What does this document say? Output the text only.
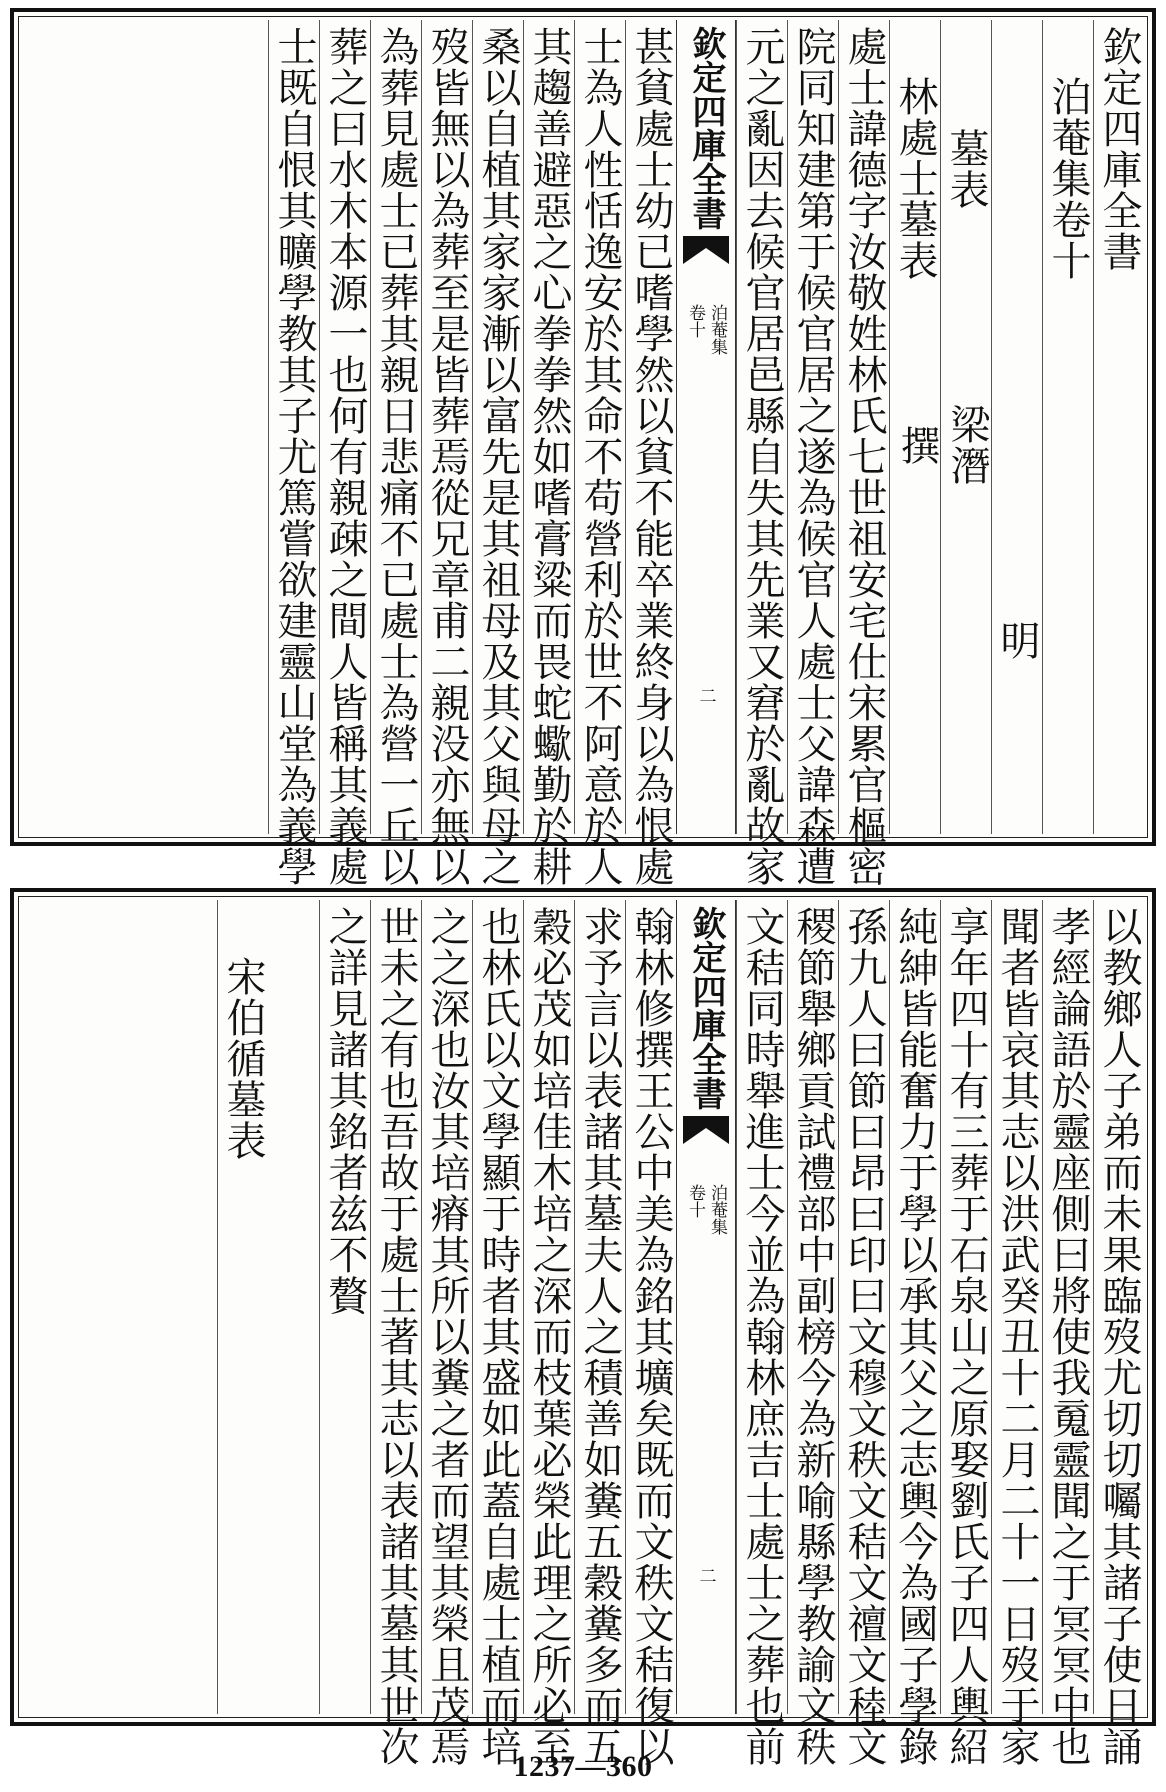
欽定四庫全書
泊菴集卷十
明
梁潛
撰
墓表
林處士墓表
處士諱德字汝敬姓林氏七世祖安宅仕宋累官樞密
院同知建第于候官居之遂為候官人處士父諱森遭
元之亂因去候官居邑縣自失其先業又窘於亂故家
欽定四庫全書
泊菴集
卷十
二
甚貧處士幼已嗜學然以貧不能卒業終身以為恨處
士為人性恬逸安於其命不苟營利於世不阿意於人
其趨善避惡之心拳拳然如嗜膏粱而畏蛇蠍勤於耕
桑以自植其家家漸以富先是其祖母及其父與母之
歿皆無以為葬至是皆葬焉從兄章甫二親没亦無以
為葬見處士已葬其親日悲痛不已處士為營一丘以
葬之曰水木本源一也何有親疎之間人皆稱其義處
士既自恨其曠學教其子尤篤嘗欲建靈山堂為義學
以教鄉人子弟而未果臨歿尤切切囑其諸子使日誦
孝經論語於靈座側曰將使我䰟靈聞之于冥冥中也
聞者皆哀其志以洪武癸丑十二月二十一日歿于家
享年四十有三葬于石泉山之原娶劉氏子四人輿紹
純紳皆能奮力于學以承其父之志輿今為國子學錄
孫九人曰節曰昂曰印曰文穆文秩文秸文䄠文稑文
稷節舉鄉貢試禮部中副榜今為新喻縣學教諭文秩
文秸同時舉進士今並為翰林庶吉士處士之葬也前
欽定四庫全書
泊菴集
卷十
二
翰林修撰王公中美為銘其壙矣既而文秩文秸復以
求予言以表諸其墓夫人之積善如糞五穀糞多而五
穀必茂如培佳木培之深而枝葉必榮此理之所必至
也林氏以文學顯于時者其盛如此蓋自處士植而培
之之深也汝其培瘠其所以糞之者而望其榮且茂焉
世未之有也吾故于處士著其志以表諸其墓其世次
之詳見諸其銘者兹不贅
宋伯循墓表
1237—360
